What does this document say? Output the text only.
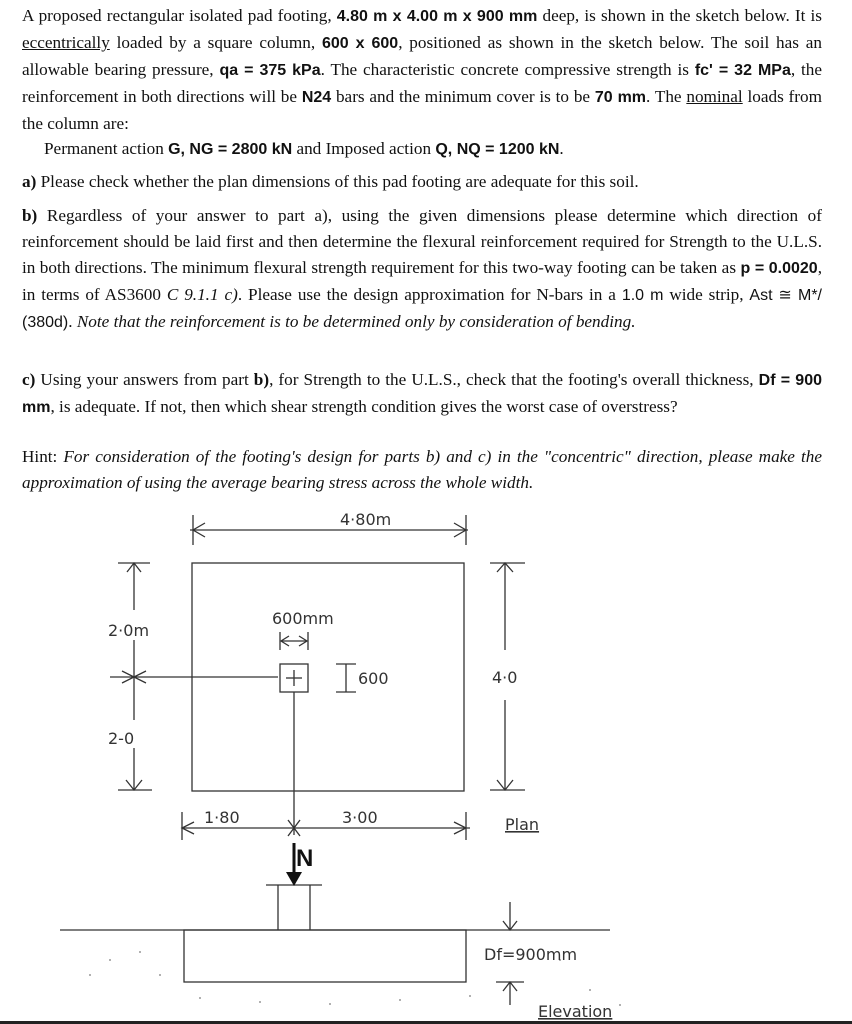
A proposed rectangular isolated pad footing, 4.80 m x 4.00 m x 900 mm deep, is shown in the sketch below. It is eccentrically loaded by a square column, 600 x 600, positioned as shown in the sketch below. The soil has an allowable bearing pressure, qa = 375 kPa. The characteristic concrete compressive strength is fc' = 32 MPa, the reinforcement in both directions will be N24 bars and the minimum cover is to be 70 mm. The nominal loads from the column are:
Permanent action G, NG = 2800 kN and Imposed action Q, NQ = 1200 kN.
a) Please check whether the plan dimensions of this pad footing are adequate for this soil.
b) Regardless of your answer to part a), using the given dimensions please determine which direction of reinforcement should be laid first and then determine the flexural reinforcement required for Strength to the U.L.S. in both directions. The minimum flexural strength requirement for this two-way footing can be taken as p = 0.0020, in terms of AS3600 C 9.1.1 c). Please use the design approximation for N-bars in a 1.0 m wide strip, Ast ≅ M*/ (380d). Note that the reinforcement is to be determined only by consideration of bending.
c) Using your answers from part b), for Strength to the U.L.S., check that the footing's overall thickness, Df = 900 mm, is adequate. If not, then which shear strength condition gives the worst case of overstress?
Hint: For consideration of the footing's design for parts b) and c) in the "concentric" direction, please make the approximation of using the average bearing stress across the whole width.
4·80m
2·0m
2-0
600mm
600	4·0
1·80	3·00
N
Plan
Df=900mm
Elevation
